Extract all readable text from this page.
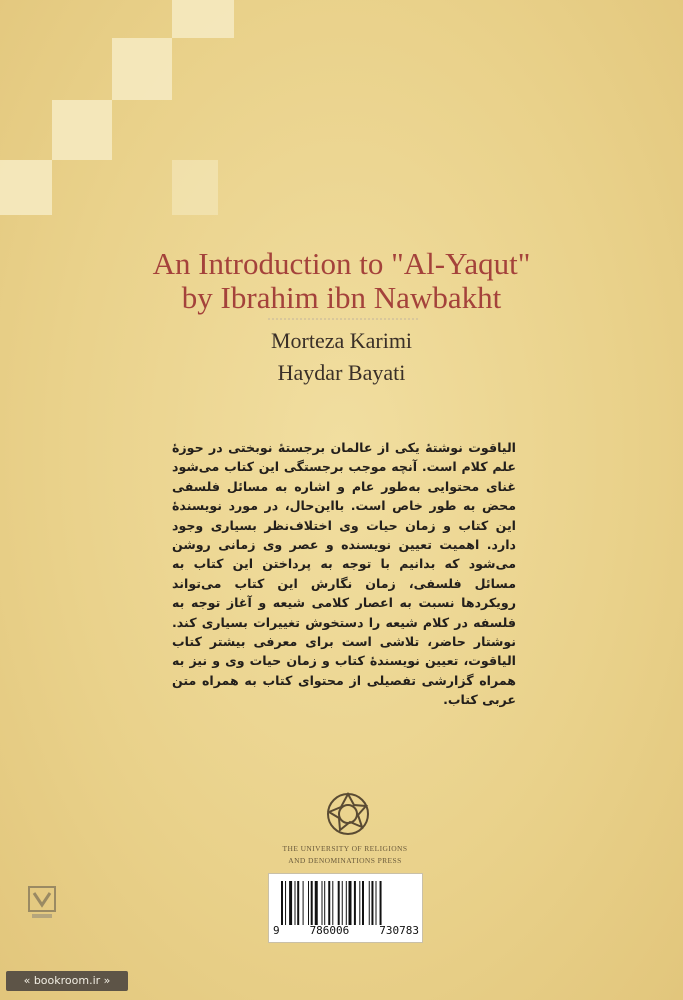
An Introduction to "Al-Yaqut"
by Ibrahim ibn Nawbakht
Morteza Karimi
Haydar Bayati
الیاقوت نوشتهٔ یکی از عالمان برجستهٔ نوبختی در حوزهٔ علم کلام است. آنچه موجب برجستگی این کتاب می‌شود غنای محتوایی به‌طور عام و اشاره به مسائل فلسفی محض به طور خاص است. بااین‌حال، در مورد نویسندهٔ این کتاب و زمان حیات وی اختلاف‌نظر بسیاری وجود دارد. اهمیت تعیین نویسنده و عصر وی زمانی روشن می‌شود که بدانیم با توجه به پرداختن این کتاب به مسائل فلسفی، زمان نگارش این کتاب می‌تواند رویکردها نسبت به اعصار کلامی شیعه و آغاز توجه به فلسفه در کلام شیعه را دستخوش تغییرات بسیاری کند. نوشتار حاضر، تلاشی است برای معرفی بیشتر کتاب الیاقوت، تعیین نویسندهٔ کتاب و زمان حیات وی و نیز به همراه گزارشی تفصیلی از محتوای کتاب به همراه متن عربی کتاب.
THE UNIVERSITY OF RELIGIONS
AND DENOMINATIONS PRESS
9	786006	730783
« bookroom.ir »
